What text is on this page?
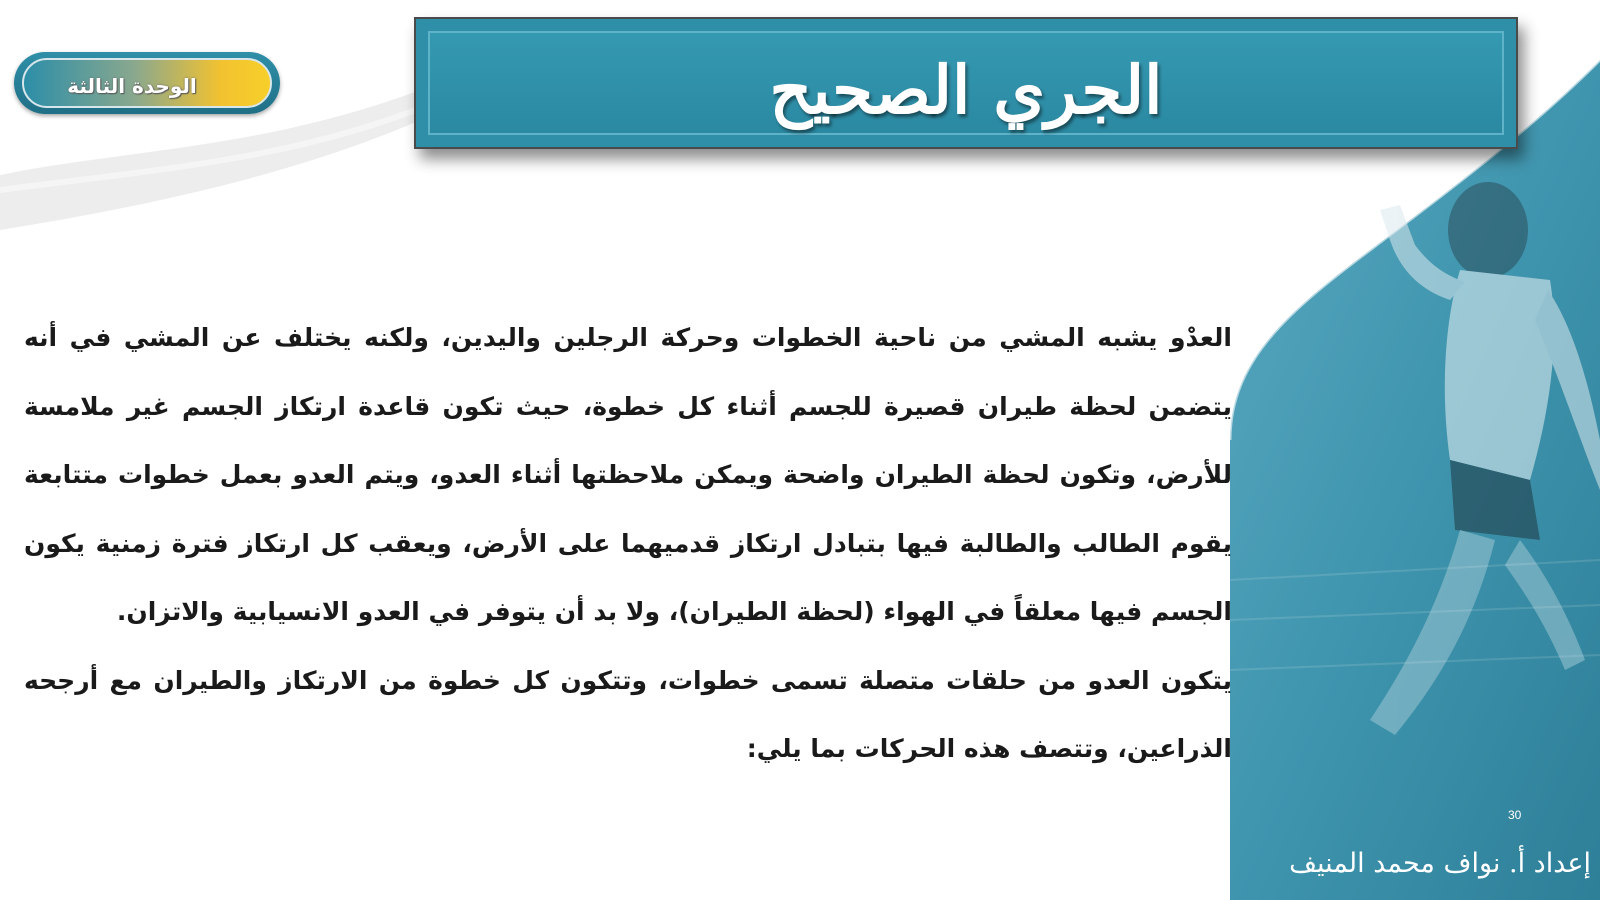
الوحدة الثالثة	الجري الصحيح

العدْو يشبه المشي من ناحية الخطوات وحركة الرجلين واليدين، ولكنه يختلف عن المشي في أنه يتضمن لحظة طيران قصيرة للجسم أثناء كل خطوة، حيث تكون قاعدة ارتكاز الجسم غير ملامسة للأرض، وتكون لحظة الطيران واضحة ويمكن ملاحظتها أثناء العدو، ويتم العدو بعمل خطوات متتابعة يقوم الطالب والطالبة فيها بتبادل ارتكاز قدميهما على الأرض، ويعقب كل ارتكاز فترة زمنية يكون الجسم فيها معلقاً في الهواء (لحظة الطيران)، ولا بد أن يتوفر في العدو الانسيابية والاتزان.

يتكون العدو من حلقات متصلة تسمى خطوات، وتتكون كل خطوة من الارتكاز والطيران مع أرجحه الذراعين، وتتصف هذه الحركات بما يلي:

30
إعداد أ. نواف محمد المنيف
